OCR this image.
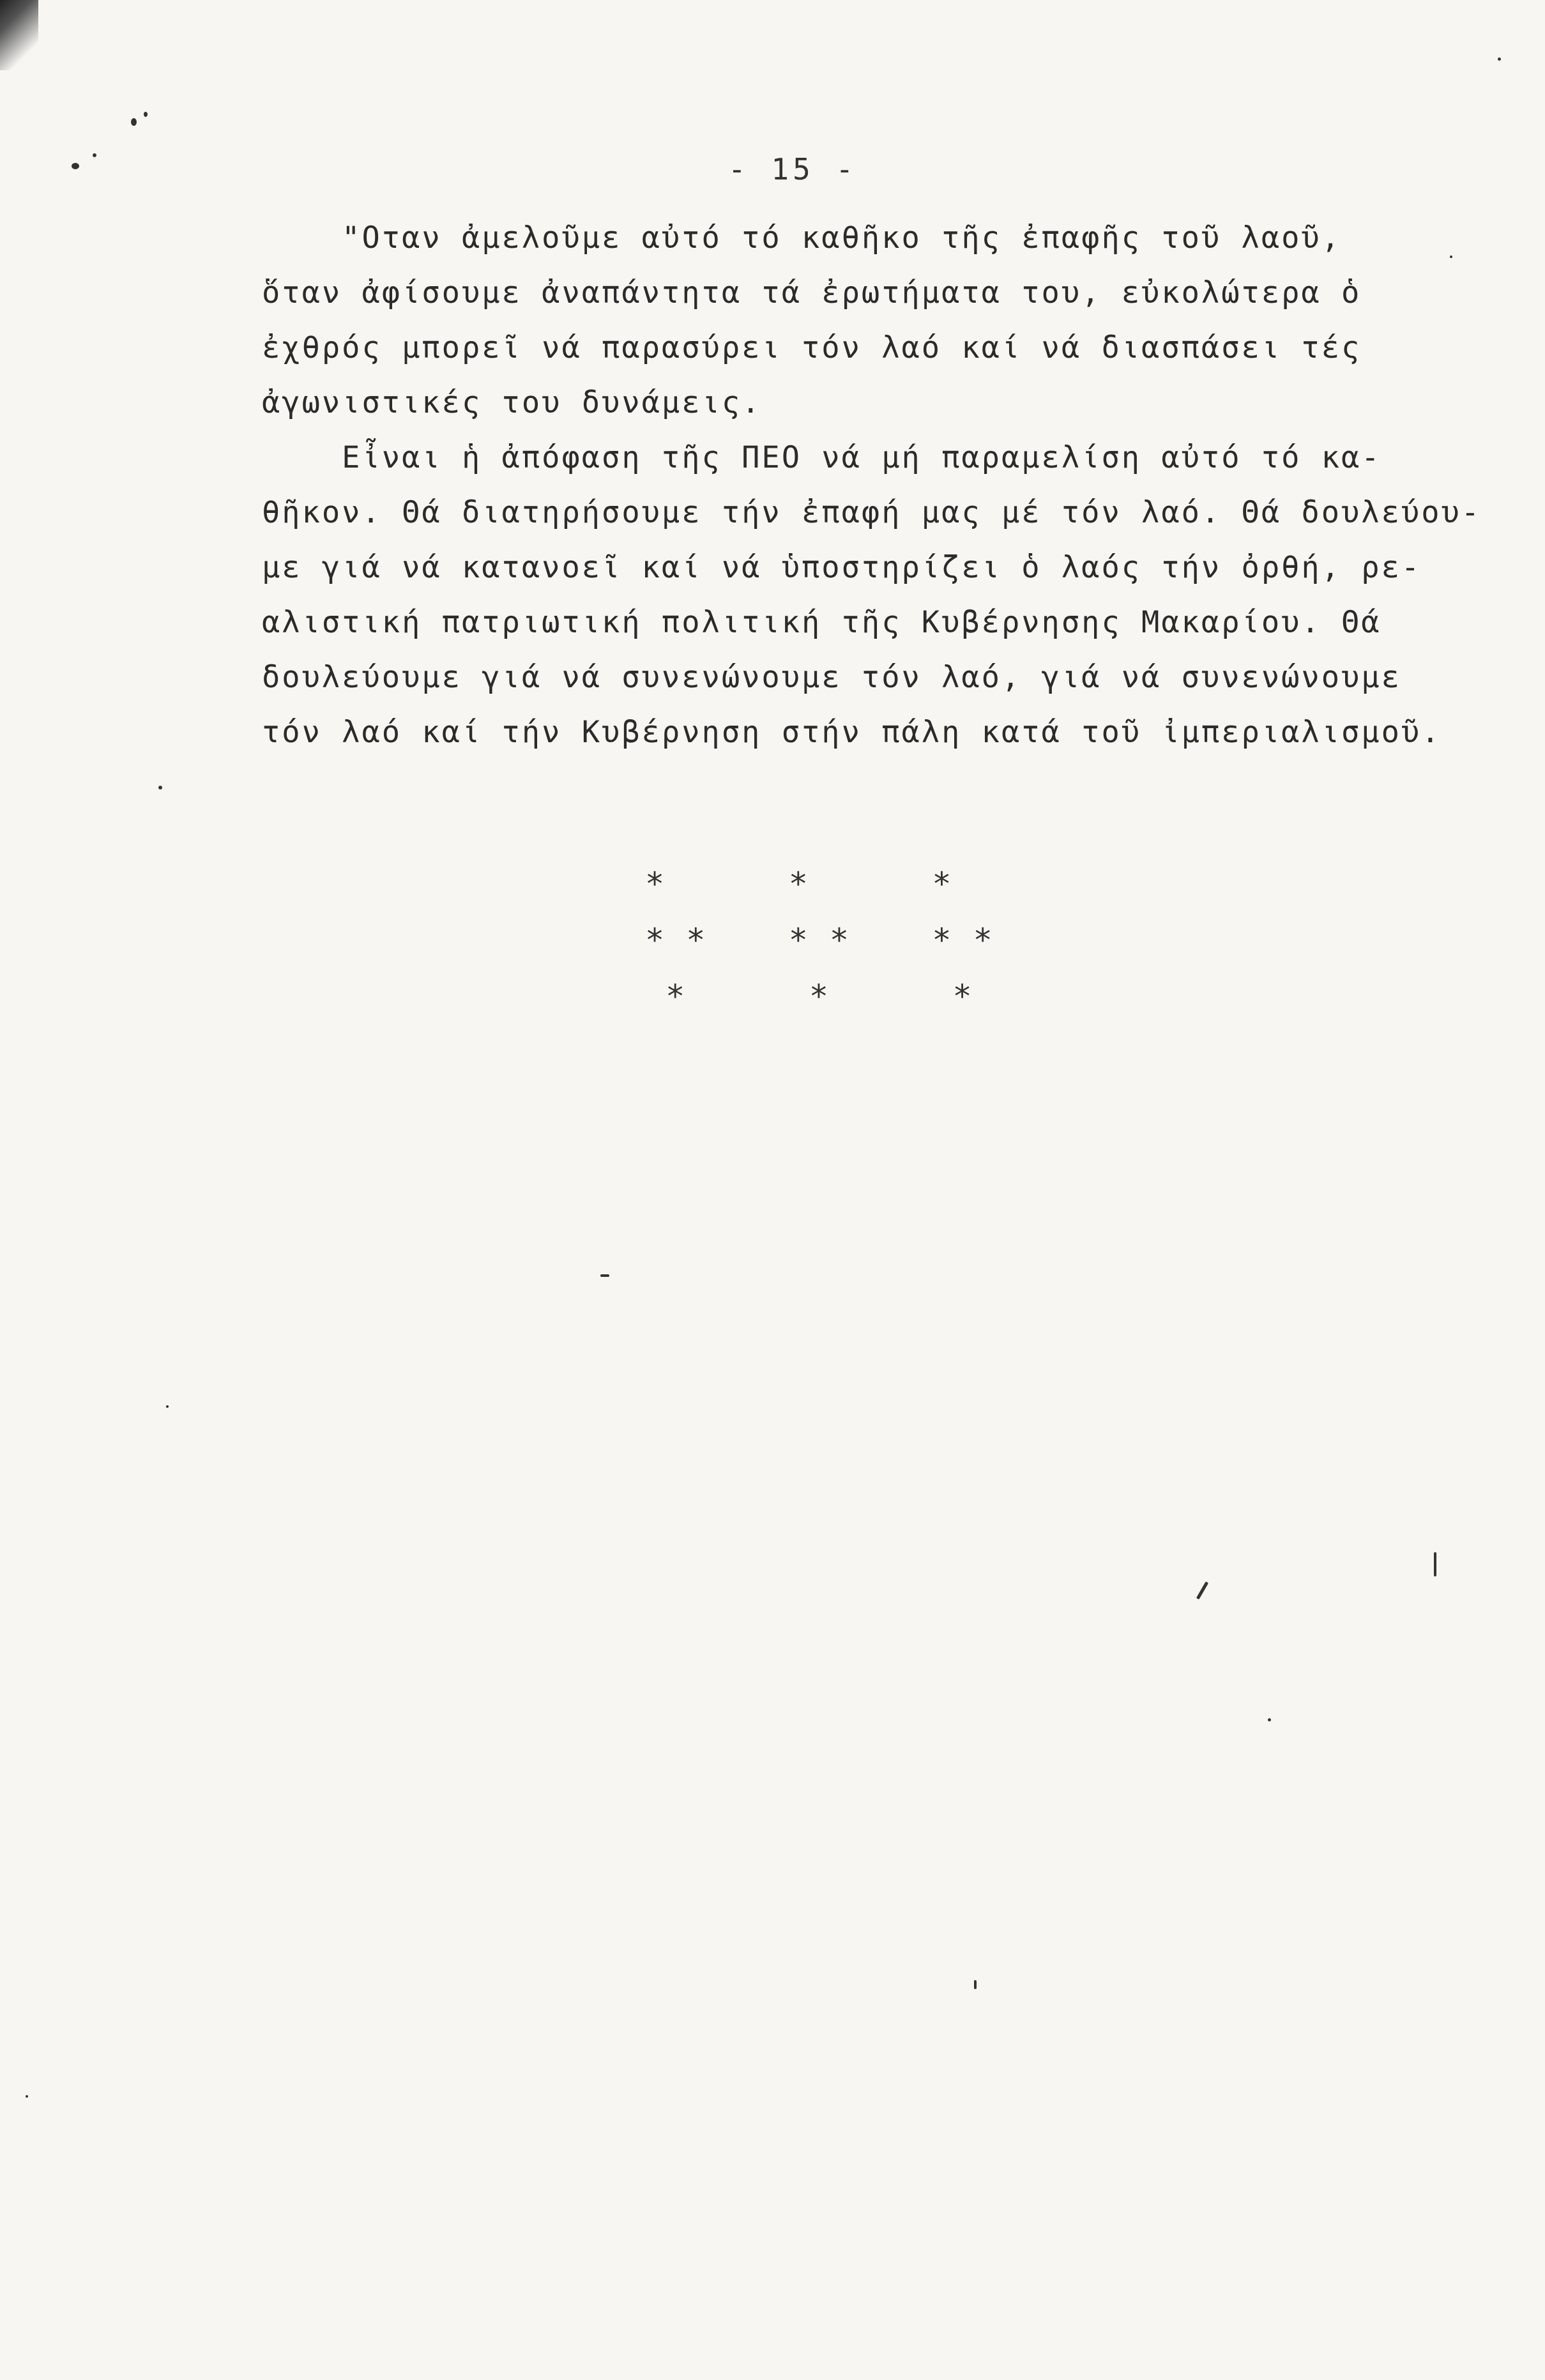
- 15 -
"Οταν ἀμελοῦμε αὐτό τό καθῆκο τῆς ἐπαφῆς τοῦ λαοῦ,
ὅταν ἀφίσουμε ἀναπάντητα τά ἐρωτήματα του, εὐκολώτερα ὁ
ἐχθρός μπορεῖ νά παρασύρει τόν λαό καί νά διασπάσει τές
ἀγωνιστικές του δυνάμεις.
Εἶναι ἡ ἀπόφαση τῆς ΠΕΟ νά μή παραμελίση αὐτό τό κα-
θῆκον. Θά διατηρήσουμε τήν ἐπαφή μας μέ τόν λαό. Θά δουλεύου-
με γιά νά κατανοεῖ καί νά ὑποστηρίζει ὁ λαός τήν ὀρθή, ρε-
αλιστική πατριωτική πολιτική τῆς Κυβέρνησης Μακαρίου. Θά
δουλεύουμε γιά νά συνενώνουμε τόν λαό, γιά νά συνενώνουμε
τόν λαό καί τήν Κυβέρνηση στήν πάλη κατά τοῦ ἰμπεριαλισμοῦ.
*      *      *
* *    * *    * *
*      *      *
